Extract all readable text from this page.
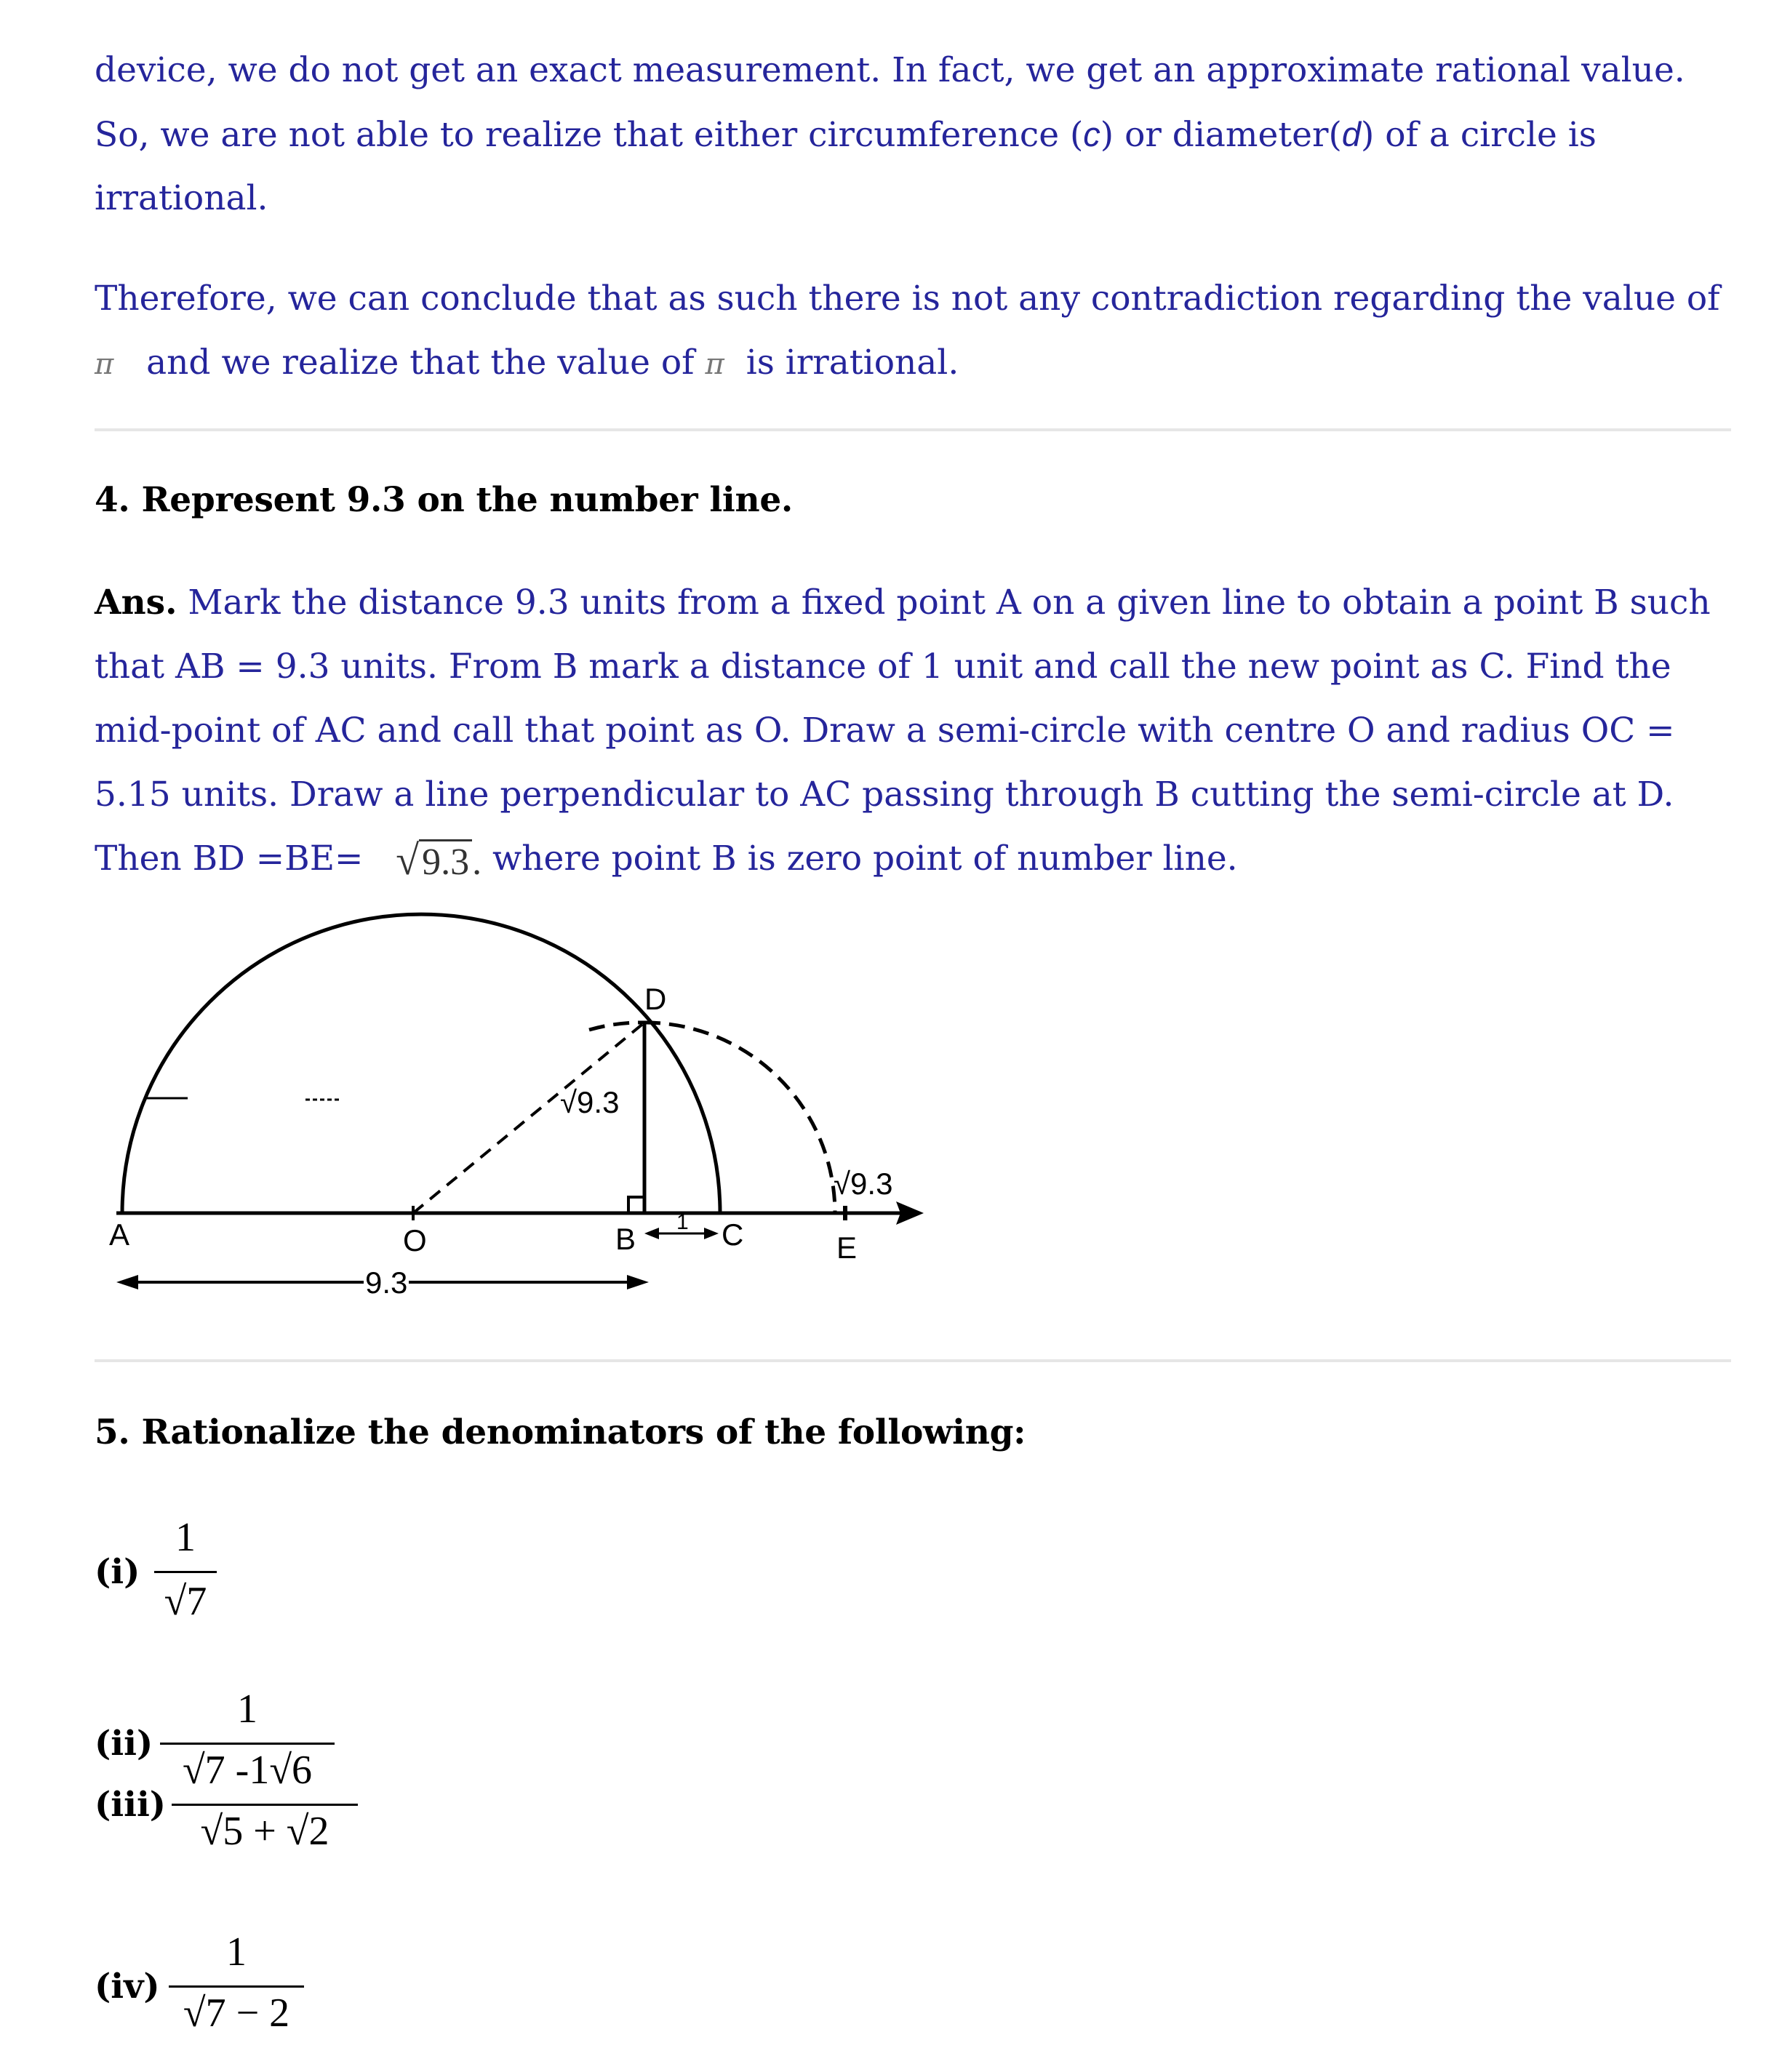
device, we do not get an exact measurement. In fact, we get an approximate rational value.
So, we are not able to realize that either circumference (c) or diameter(d) of a circle is
irrational.
Therefore, we can conclude that as such there is not any contradiction regarding the value of
π and we realize that the value of π is irrational.
4. Represent 9.3 on the number line.
Ans. Mark the distance 9.3 units from a fixed point A on a given line to obtain a point B such
that AB = 9.3 units. From B mark a distance of 1 unit and call the new point as C. Find the
mid-point of AC and call that point as O. Draw a semi-circle with centre O and radius OC =
5.15 units. Draw a line perpendicular to AC passing through B cutting the semi-circle at D.
Then BD =BE= √9.3. where point B is zero point of number line.
D
A	O	B	C	E
√9.3
√9.3
1
9.3
5. Rationalize the denominators of the following:
(i)
1
√7
(ii)
1
√7 -1√6
(iii)
√5 + √2
(iv)
1
√7 − 2
